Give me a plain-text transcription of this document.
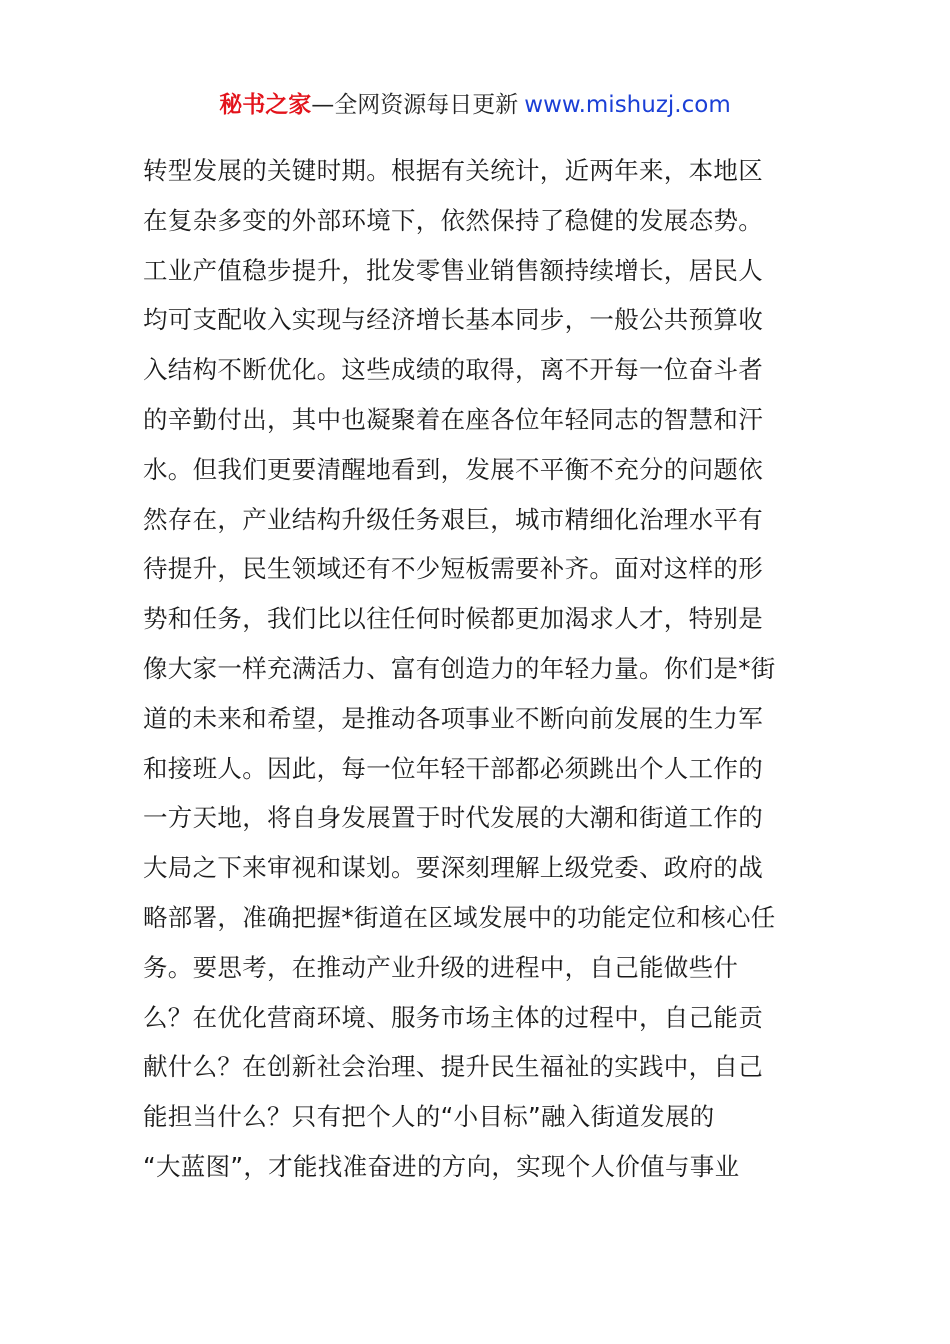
秘书之家—全网资源每日更新 www.mishuzj.com
转型发展的关键时期。根据有关统计，近两年来，本地区
在复杂多变的外部环境下，依然保持了稳健的发展态势。
工业产值稳步提升，批发零售业销售额持续增长，居民人
均可支配收入实现与经济增长基本同步，一般公共预算收
入结构不断优化。这些成绩的取得，离不开每一位奋斗者
的辛勤付出，其中也凝聚着在座各位年轻同志的智慧和汗
水。但我们更要清醒地看到，发展不平衡不充分的问题依
然存在，产业结构升级任务艰巨，城市精细化治理水平有
待提升，民生领域还有不少短板需要补齐。面对这样的形
势和任务，我们比以往任何时候都更加渴求人才，特别是
像大家一样充满活力、富有创造力的年轻力量。你们是*街
道的未来和希望，是推动各项事业不断向前发展的生力军
和接班人。因此，每一位年轻干部都必须跳出个人工作的
一方天地，将自身发展置于时代发展的大潮和街道工作的
大局之下来审视和谋划。要深刻理解上级党委、政府的战
略部署，准确把握*街道在区域发展中的功能定位和核心任
务。要思考，在推动产业升级的进程中，自己能做些什
么？在优化营商环境、服务市场主体的过程中，自己能贡
献什么？在创新社会治理、提升民生福祉的实践中，自己
能担当什么？只有把个人的“小目标”融入街道发展的
“大蓝图”，才能找准奋进的方向，实现个人价值与事业
